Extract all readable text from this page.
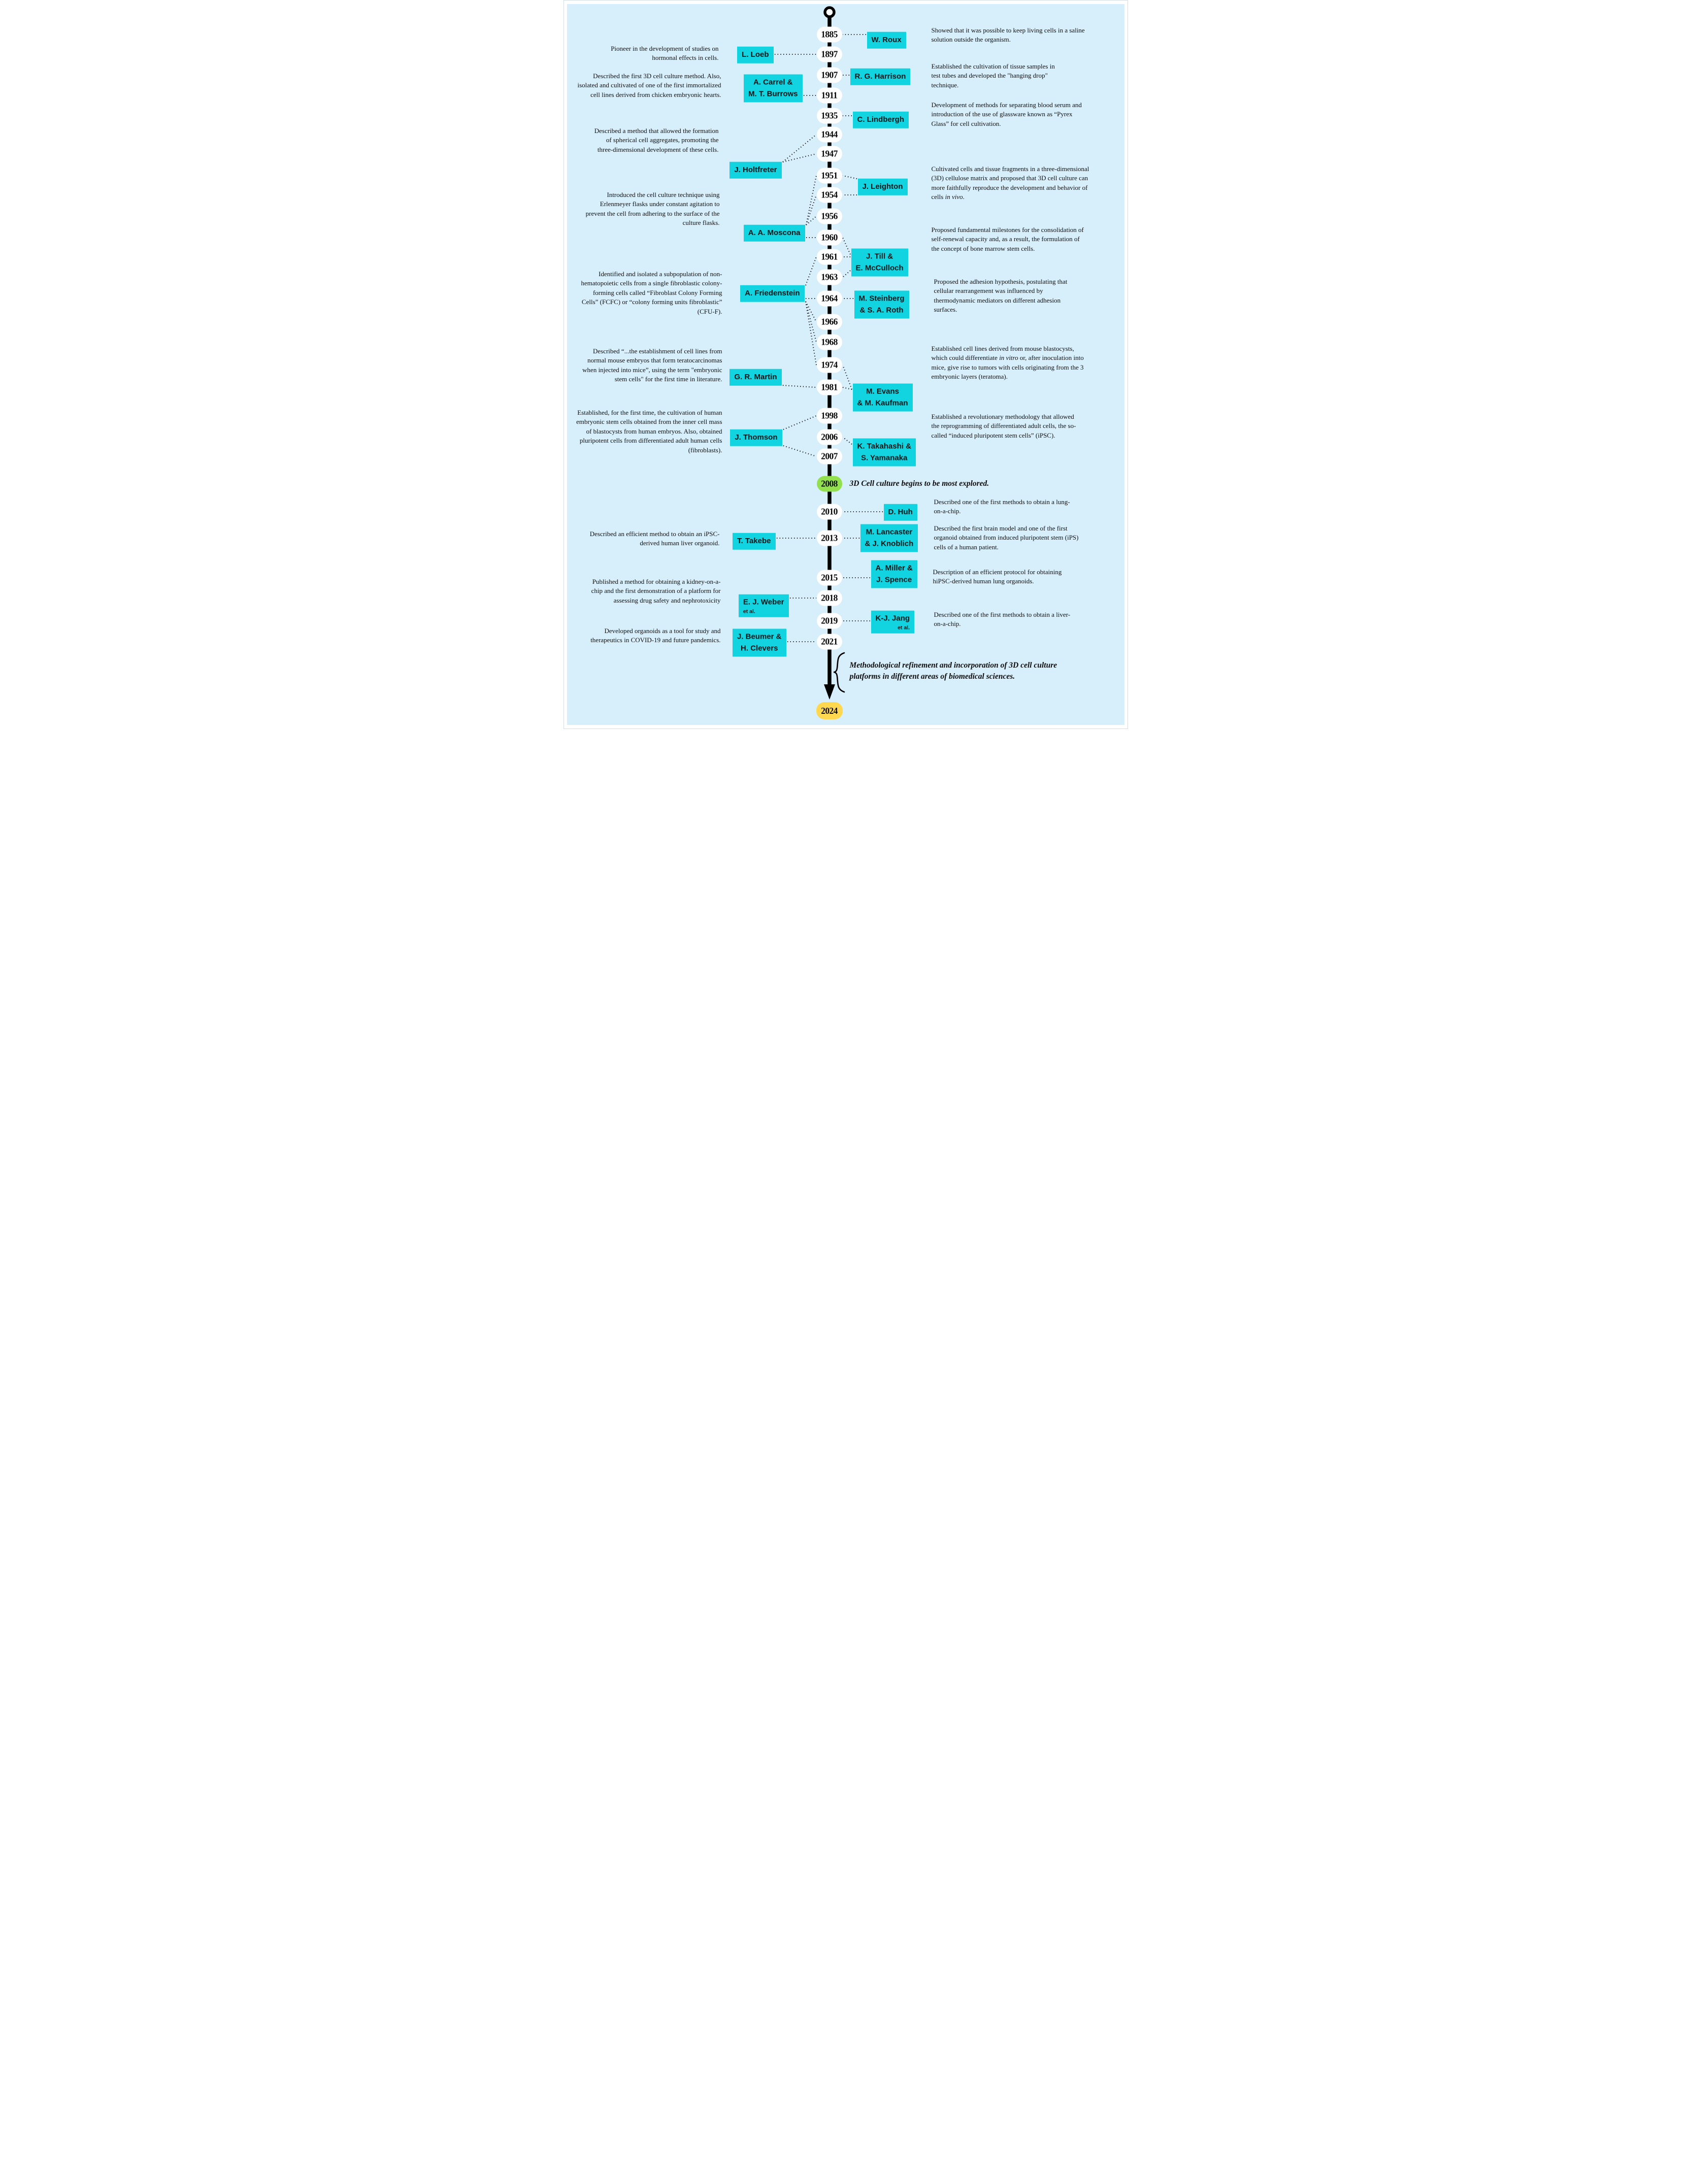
1885
1897
1907
1911
1935
1944
1947
1951
1954
1956
1960
1961
1963
1964
1966
1968
1974
1981
1998
2006
2007
2008
2010
2013
2015
2018
2019
2021
2024
L. Loeb
A. Carrel &
M. T. Burrows
J. Holtfreter
A. A. Moscona
A. Friedenstein
G. R. Martin
J. Thomson
T. Takebe
E. J. Weber
et al.
J. Beumer &
H. Clevers
W. Roux
R. G. Harrison
C. Lindbergh
J. Leighton
J. Till &
E. McCulloch
M. Steinberg
& S. A. Roth
M. Evans
& M. Kaufman
K. Takahashi &
S. Yamanaka
D. Huh
M. Lancaster
& J. Knoblich
A. Miller &
J. Spence
K-J. Jang
et al.
Pioneer in the development of studies on hormonal effects in cells.
Described the first 3D cell culture method. Also, isolated and cultivated of one of the first immortalized cell lines derived from chicken embryonic hearts.
Described a method that allowed the formation of spherical cell aggregates, promoting the three-dimensional development of these cells.
Introduced the cell culture technique using Erlenmeyer flasks under constant agitation to prevent the cell from adhering to the surface of the culture flasks.
Identified and isolated a subpopulation of non-hematopoietic cells from a single fibroblastic colony-forming cells called “Fibroblast Colony Forming Cells” (FCFC) or “colony forming units fibroblastic” (CFU-F).
Described “...the establishment of cell lines from normal mouse embryos that form teratocarcinomas when injected into mice”, using the term "embryonic stem cells" for the first time in literature.
Established, for the first time, the cultivation of human embryonic stem cells obtained from the inner cell mass of blastocysts from human embryos. Also, obtained pluripotent cells from differentiated adult human cells (fibroblasts).
Described an efficient method to obtain an iPSC-derived human liver organoid.
Published a method for obtaining a kidney-on-a-chip and the first demonstration of a platform for assessing drug safety and nephrotoxicity
Developed organoids as a tool for study and therapeutics in COVID-19 and future pandemics.
Showed that it was possible to keep living cells in a saline solution outside the organism.
Established the cultivation of tissue samples in test tubes and developed the "hanging drop" technique.
Development of methods for separating blood serum and introduction of the use of glassware known as “Pyrex Glass” for cell cultivation.
Cultivated cells and tissue fragments in a three-dimensional (3D) cellulose matrix and proposed that 3D cell culture can more faithfully reproduce the development and behavior of cells in vivo.
Proposed fundamental milestones for the consolidation of self-renewal capacity and, as a result, the formulation of the concept of bone marrow stem cells.
Proposed the adhesion hypothesis, postulating that cellular rearrangement was influenced by thermodynamic mediators on different adhesion surfaces.
Established cell lines derived from mouse blastocysts, which could differentiate in vitro or, after inoculation into mice, give rise to tumors with cells originating from the 3 embryonic layers (teratoma).
Established a revolutionary methodology that allowed the reprogramming of differentiated adult cells, the so-called “induced pluripotent stem cells” (iPSC).
Described one of the first methods to obtain a lung-on-a-chip.
Described the first brain model and one of the first organoid obtained from induced pluripotent stem (iPS) cells of a human patient.
Description of an efficient protocol for obtaining hiPSC-derived human lung organoids.
Described one of the first methods to obtain a liver-on-a-chip.
3D Cell culture begins to be most explored.
Methodological refinement and incorporation of 3D cell culture platforms in different areas of biomedical sciences.
